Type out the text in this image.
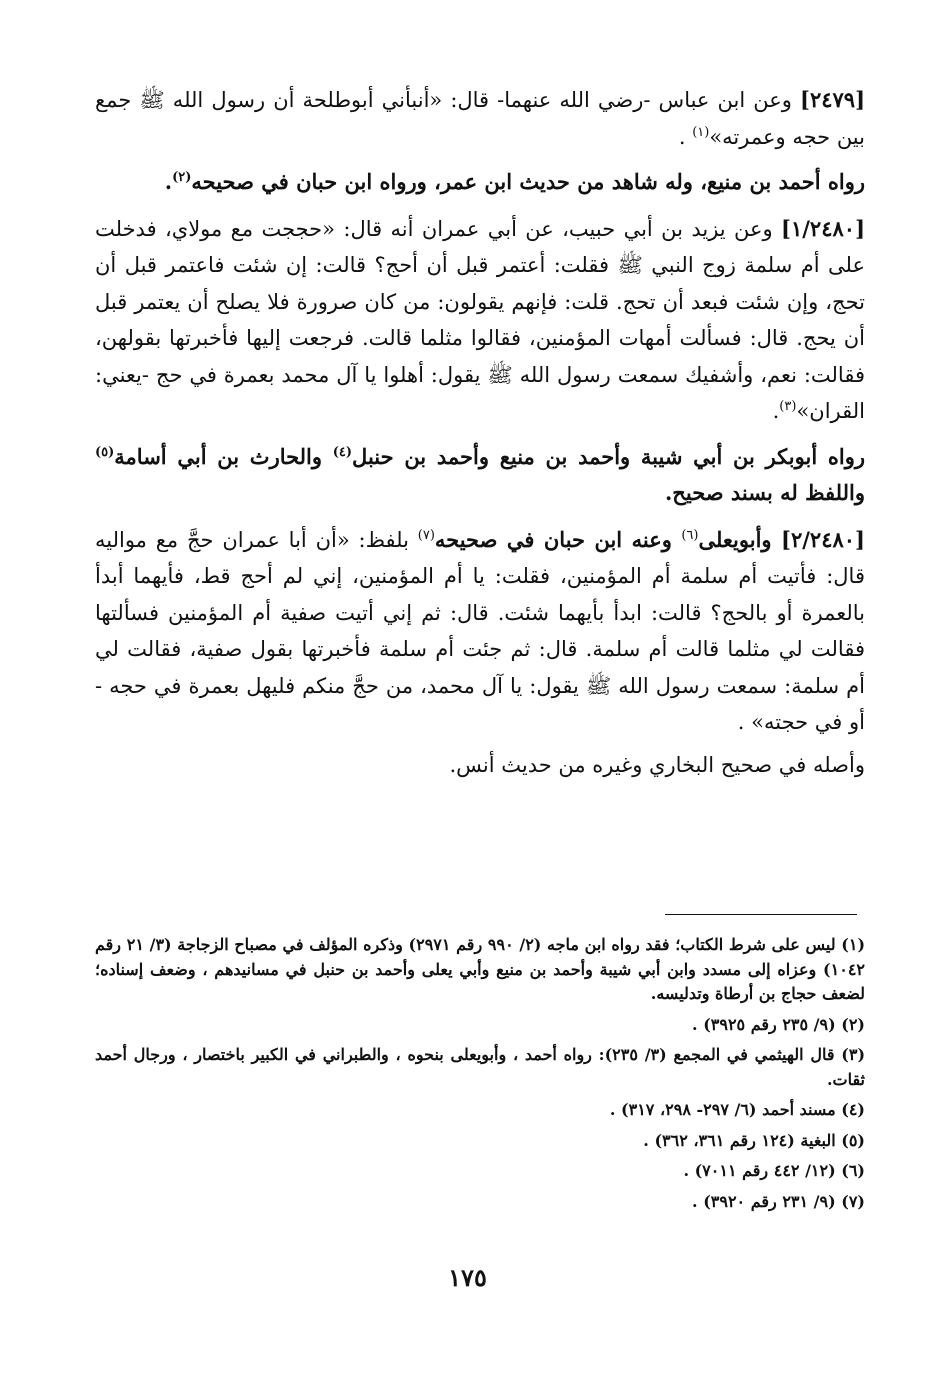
[٢٤٧٩] وعن ابن عباس -رضي الله عنهما- قال: «أنبأني أبوطلحة أن رسول الله ﷺ جمع بين حجه وعمرته»$^{(١)}$ .

رواه أحمد بن منيع، وله شاهد من حديث ابن عمر، ورواه ابن حبان في صحيحه$^{(٢)}$.

[١/٢٤٨٠] وعن يزيد بن أبي حبيب، عن أبي عمران أنه قال: «حججت مع مولاي، فدخلت على أم سلمة زوج النبي ﷺ فقلت: أعتمر قبل أن أحج؟ قالت: إن شئت فاعتمر قبل أن تحج، وإن شئت فبعد أن تحج. قلت: فإنهم يقولون: من كان صرورة فلا يصلح أن يعتمر قبل أن يحج. قال: فسألت أمهات المؤمنين، فقالوا مثلما قالت. فرجعت إليها فأخبرتها بقولهن، فقالت: نعم، وأشفيك سمعت رسول الله ﷺ يقول: أهلوا يا آل محمد بعمرة في حج -يعني: القران»$^{(٣)}$.

رواه أبوبكر بن أبي شيبة وأحمد بن منيع وأحمد بن حنبل$^{(٤)}$ والحارث بن أبي أسامة$^{(٥)}$ واللفظ له بسند صحيح.

[٢/٢٤٨٠] وأبويعلى$^{(٦)}$ وعنه ابن حبان في صحيحه$^{(٧)}$ بلفظ: «أن أبا عمران حجَّ مع مواليه قال: فأتيت أم سلمة أم المؤمنين، فقلت: يا أم المؤمنين، إني لم أحج قط، فأيهما أبدأ بالعمرة أو بالحج؟ قالت: ابدأ بأيهما شئت. قال: ثم إني أتيت صفية أم المؤمنين فسألتها فقالت لي مثلما قالت أم سلمة. قال: ثم جئت أم سلمة فأخبرتها بقول صفية، فقالت لي أم سلمة: سمعت رسول الله ﷺ يقول: يا آل محمد، من حجَّ منكم فليهل بعمرة في حجه - أو في حجته» .

وأصله في صحيح البخاري وغيره من حديث أنس.

(١) ليس على شرط الكتاب؛ فقد رواه ابن ماجه (٢/ ٩٩٠ رقم ٢٩٧١) وذكره المؤلف في مصباح الزجاجة (٣/ ٢١ رقم ١٠٤٢) وعزاه إلى مسدد وابن أبي شيبة وأحمد بن منيع وأبي يعلى وأحمد بن حنبل في مسانيدهم ، وضعف إسناده؛ لضعف حجاج بن أرطاة وتدليسه.

(٢) (٩/ ٢٣٥ رقم ٣٩٢٥) .

(٣) قال الهيثمي في المجمع (٣/ ٢٣٥): رواه أحمد ، وأبويعلى بنحوه ، والطبراني في الكبير باختصار ، ورجال أحمد ثقات.

(٤) مسند أحمد (٦/ ٢٩٧- ٢٩٨، ٣١٧) .

(٥) البغية (١٢٤ رقم ٣٦١، ٣٦٢) .

(٦) (١٢/ ٤٤٢ رقم ٧٠١١) .

(٧) (٩/ ٢٣١ رقم ٣٩٢٠) .

١٧٥
